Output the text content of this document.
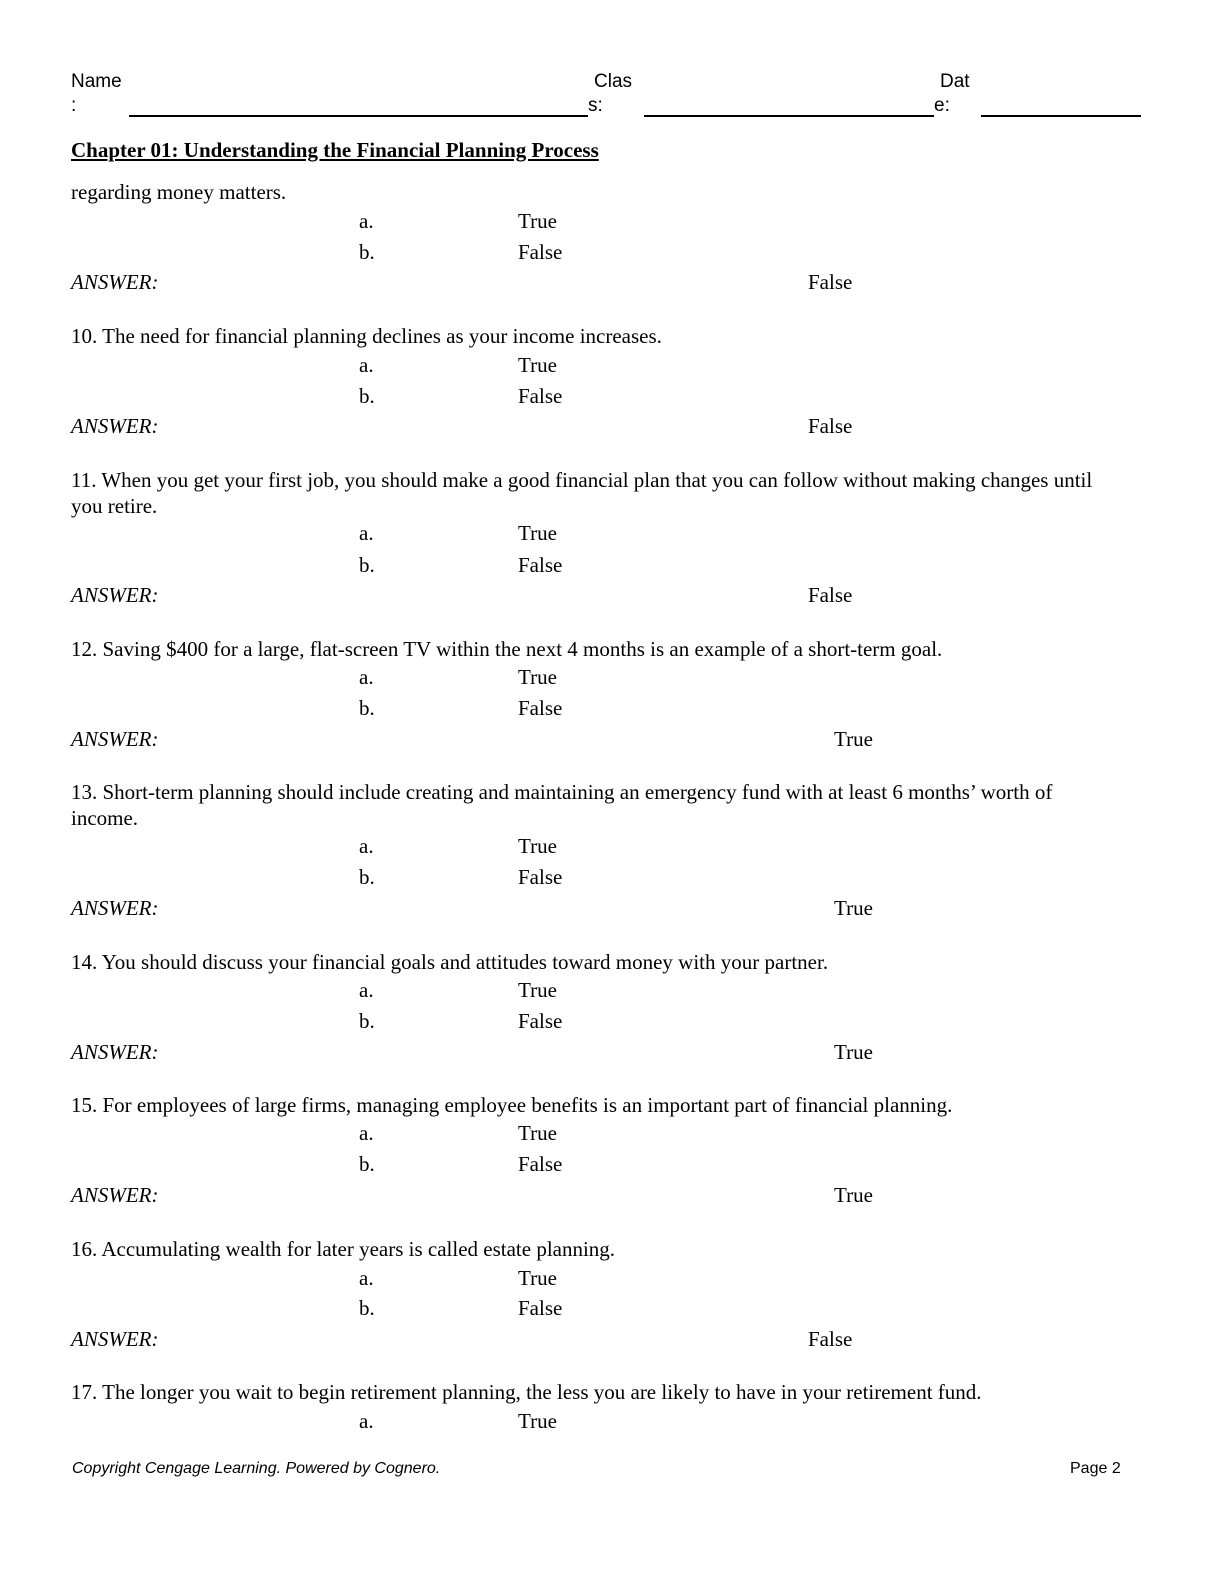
Name
:
Clas
s:
Dat
e:
Chapter 01: Understanding the Financial Planning Process
regarding money matters.
a.	True
b.	False
ANSWER:	False
10. The need for financial planning declines as your income increases.
a.	True
b.	False
ANSWER:	False
11. When you get your first job, you should make a good financial plan that you can follow without making changes until
you retire.
a.	True
b.	False
ANSWER:	False
12. Saving $400 for a large, flat-screen TV within the next 4 months is an example of a short-term goal.
a.	True
b.	False
ANSWER:	True
13. Short-term planning should include creating and maintaining an emergency fund with at least 6 months’ worth of
income.
a.	True
b.	False
ANSWER:	True
14. You should discuss your financial goals and attitudes toward money with your partner.
a.	True
b.	False
ANSWER:	True
15. For employees of large firms, managing employee benefits is an important part of financial planning.
a.	True
b.	False
ANSWER:	True
16. Accumulating wealth for later years is called estate planning.
a.	True
b.	False
ANSWER:	False
17. The longer you wait to begin retirement planning, the less you are likely to have in your retirement fund.
a.	True
Copyright Cengage Learning. Powered by Cognero.	Page 2
